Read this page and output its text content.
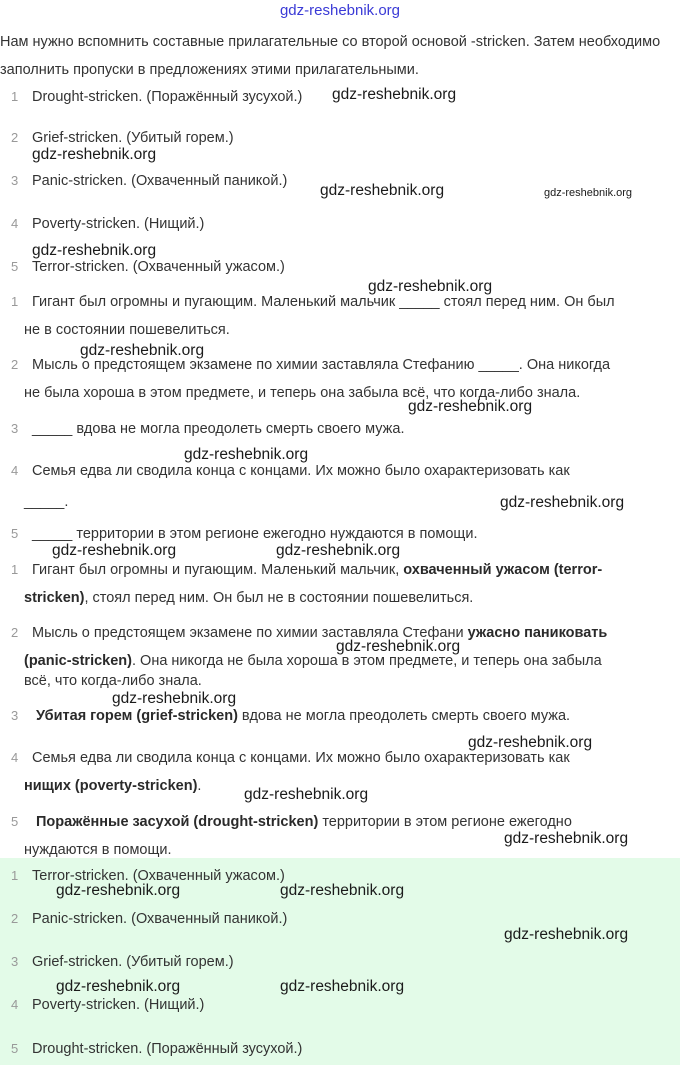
gdz-reshebnik.org
Нам нужно вспомнить составные прилагательные со второй основой -stricken. Затем необходимо заполнить пропуски в предложениях этими прилагательными.
1 Drought-stricken. (Поражённый зусухой.)
2 Grief-stricken. (Убитый горем.)
3 Panic-stricken. (Охваченный паникой.)
4 Poverty-stricken. (Нищий.)
5 Terror-stricken. (Охваченный ужасом.)
1 Гигант был огромны и пугающим. Маленький мальчик _____ стоял перед ним. Он был
не в состоянии пошевелиться.
2 Мысль о предстоящем экзамене по химии заставляла Стефанию _____. Она никогда
не была хороша в этом предмете, и теперь она забыла всё, что когда-либо знала.
3 _____ вдова не могла преодолеть смерть своего мужа.
4 Семья едва ли сводила конца с концами. Их можно было охарактеризовать как
_____.
5 _____ территории в этом регионе ежегодно нуждаются в помощи.
1 Гигант был огромны и пугающим. Маленький мальчик, охваченный ужасом (terror-
stricken), стоял перед ним. Он был не в состоянии пошевелиться.
2 Мысль о предстоящем экзамене по химии заставляла Стефани ужасно паниковать
(panic-stricken). Она никогда не была хороша в этом предмете, и теперь она забыла
всё, что когда-либо знала.
3 Убитая горем (grief-stricken) вдова не могла преодолеть смерть своего мужа.
4 Семья едва ли сводила конца с концами. Их можно было охарактеризовать как
нищих (poverty-stricken).
5 Поражённые засухой (drought-stricken) территории в этом регионе ежегодно
нуждаются в помощи.
1 Terror-stricken. (Охваченный ужасом.)
2 Panic-stricken. (Охваченный паникой.)
3 Grief-stricken. (Убитый горем.)
4 Poverty-stricken. (Нищий.)
5 Drought-stricken. (Поражённый зусухой.)
gdz-reshebnik.org
gdz-reshebnik.org
gdz-reshebnik.org	gdz-reshebnik.org
gdz-reshebnik.org
gdz-reshebnik.org
gdz-reshebnik.org
gdz-reshebnik.org
gdz-reshebnik.org
gdz-reshebnik.org
gdz-reshebnik.org	gdz-reshebnik.org
gdz-reshebnik.org
gdz-reshebnik.org
gdz-reshebnik.org
gdz-reshebnik.org
gdz-reshebnik.org
gdz-reshebnik.org	gdz-reshebnik.org
gdz-reshebnik.org
gdz-reshebnik.org	gdz-reshebnik.org
